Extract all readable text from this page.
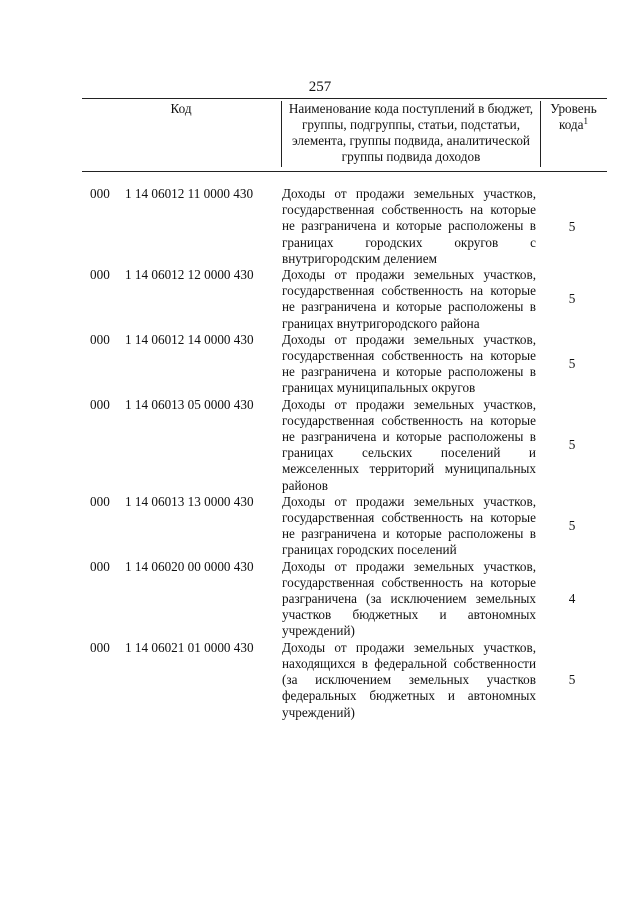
257
Код	Наименование кода поступлений в бюджет, группы, подгруппы, статьи, подстатьи, элемента, группы подвида, аналитической группы подвида доходов
Уровень кода$^1$
000 1 14 06012 11 0000 430 Доходы от продажи земельных участков, государственная собственность на которые не разграничена и которые расположены в границах городских округов с внутригородским делением
5
000 1 14 06012 12 0000 430 Доходы от продажи земельных участков, государственная собственность на которые не разграничена и которые расположены в границах внутригородского района
5
000 1 14 06012 14 0000 430 Доходы от продажи земельных участков, государственная собственность на которые не разграничена и которые расположены в границах муниципальных округов
5
000 1 14 06013 05 0000 430 Доходы от продажи земельных участков, государственная собственность на которые не разграничена и которые расположены в границах сельских поселений и межселенных территорий муниципальных районов
5
000 1 14 06013 13 0000 430 Доходы от продажи земельных участков, государственная собственность на которые не разграничена и которые расположены в границах городских поселений
5
000 1 14 06020 00 0000 430 Доходы от продажи земельных участков, государственная собственность на которые разграничена (за исключением земельных участков бюджетных и автономных учреждений)
4
000 1 14 06021 01 0000 430 Доходы от продажи земельных участков, находящихся в федеральной собственности (за исключением земельных участков федеральных бюджетных и автономных учреждений)
5
